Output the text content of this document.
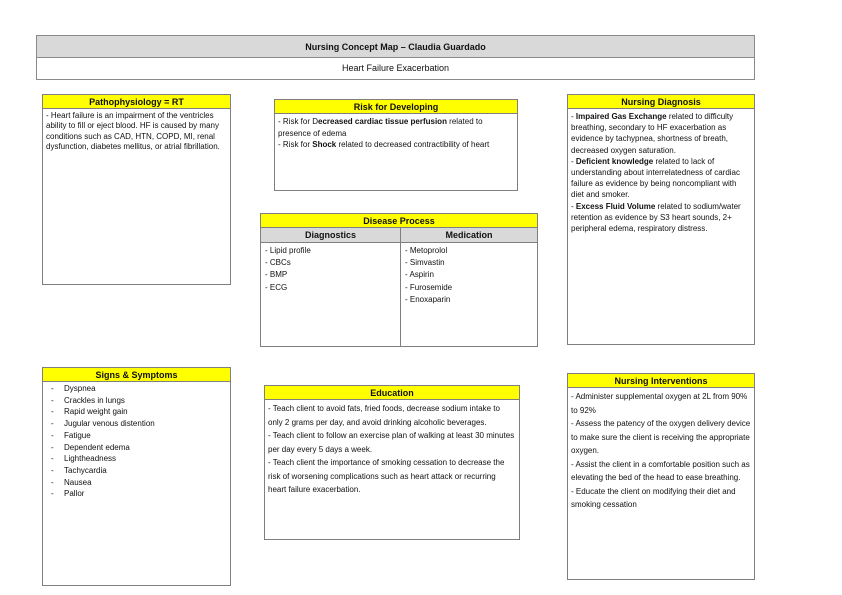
Nursing Concept Map – Claudia Guardado
Heart Failure Exacerbation
Pathophysiology = RT
- Heart failure is an impairment of the ventricles ability to fill or eject blood. HF is caused by many conditions such as CAD, HTN, COPD, MI, renal dysfunction, diabetes mellitus, or atrial fibrillation.
Risk for Developing

- Risk for Decreased cardiac tissue perfusion related to presence of edema

- Risk for Shock related to decreased contractibility of heart

Nursing Diagnosis

- Impaired Gas Exchange related to difficulty breathing, secondary to HF exacerbation as evidence by tachypnea, shortness of breath, decreased oxygen saturation.

- Deficient knowledge related to lack of understanding about interrelatedness of cardiac failure as evidence by being noncompliant with diet and smoker.

- Excess Fluid Volume related to sodium/water retention as evidence by S3 heart sounds, 2+ peripheral edema, respiratory distress.

Disease Process
Diagnostics	Medication
- Lipid profile
- CBCs
- BMP
- ECG
- Metoprolol
- Simvastin
- Aspirin
- Furosemide
- Enoxaparin
Signs & Symptoms
-	Dyspnea
-	Crackles in lungs
-	Rapid weight gain
-	Jugular venous distention
-	Fatigue
-	Dependent edema
-	Lightheadness
-	Tachycardia
-	Nausea
-	Pallor
Education

- Teach client to avoid fats, fried foods, decrease sodium intake to only 2 grams per day, and avoid drinking alcoholic beverages.

- Teach client to follow an exercise plan of walking at least 30 minutes per day every 5 days a week.

- Teach client the importance of smoking cessation to decrease the risk of worsening complications such as heart attack or recurring heart failure exacerbation.

Nursing Interventions

- Administer supplemental oxygen at 2L from 90% to 92%

- Assess the patency of the oxygen delivery device to make sure the client is receiving the appropriate oxygen.

- Assist the client in a comfortable position such as elevating the bed of the head to ease breathing.

- Educate the client on modifying their diet and smoking cessation
